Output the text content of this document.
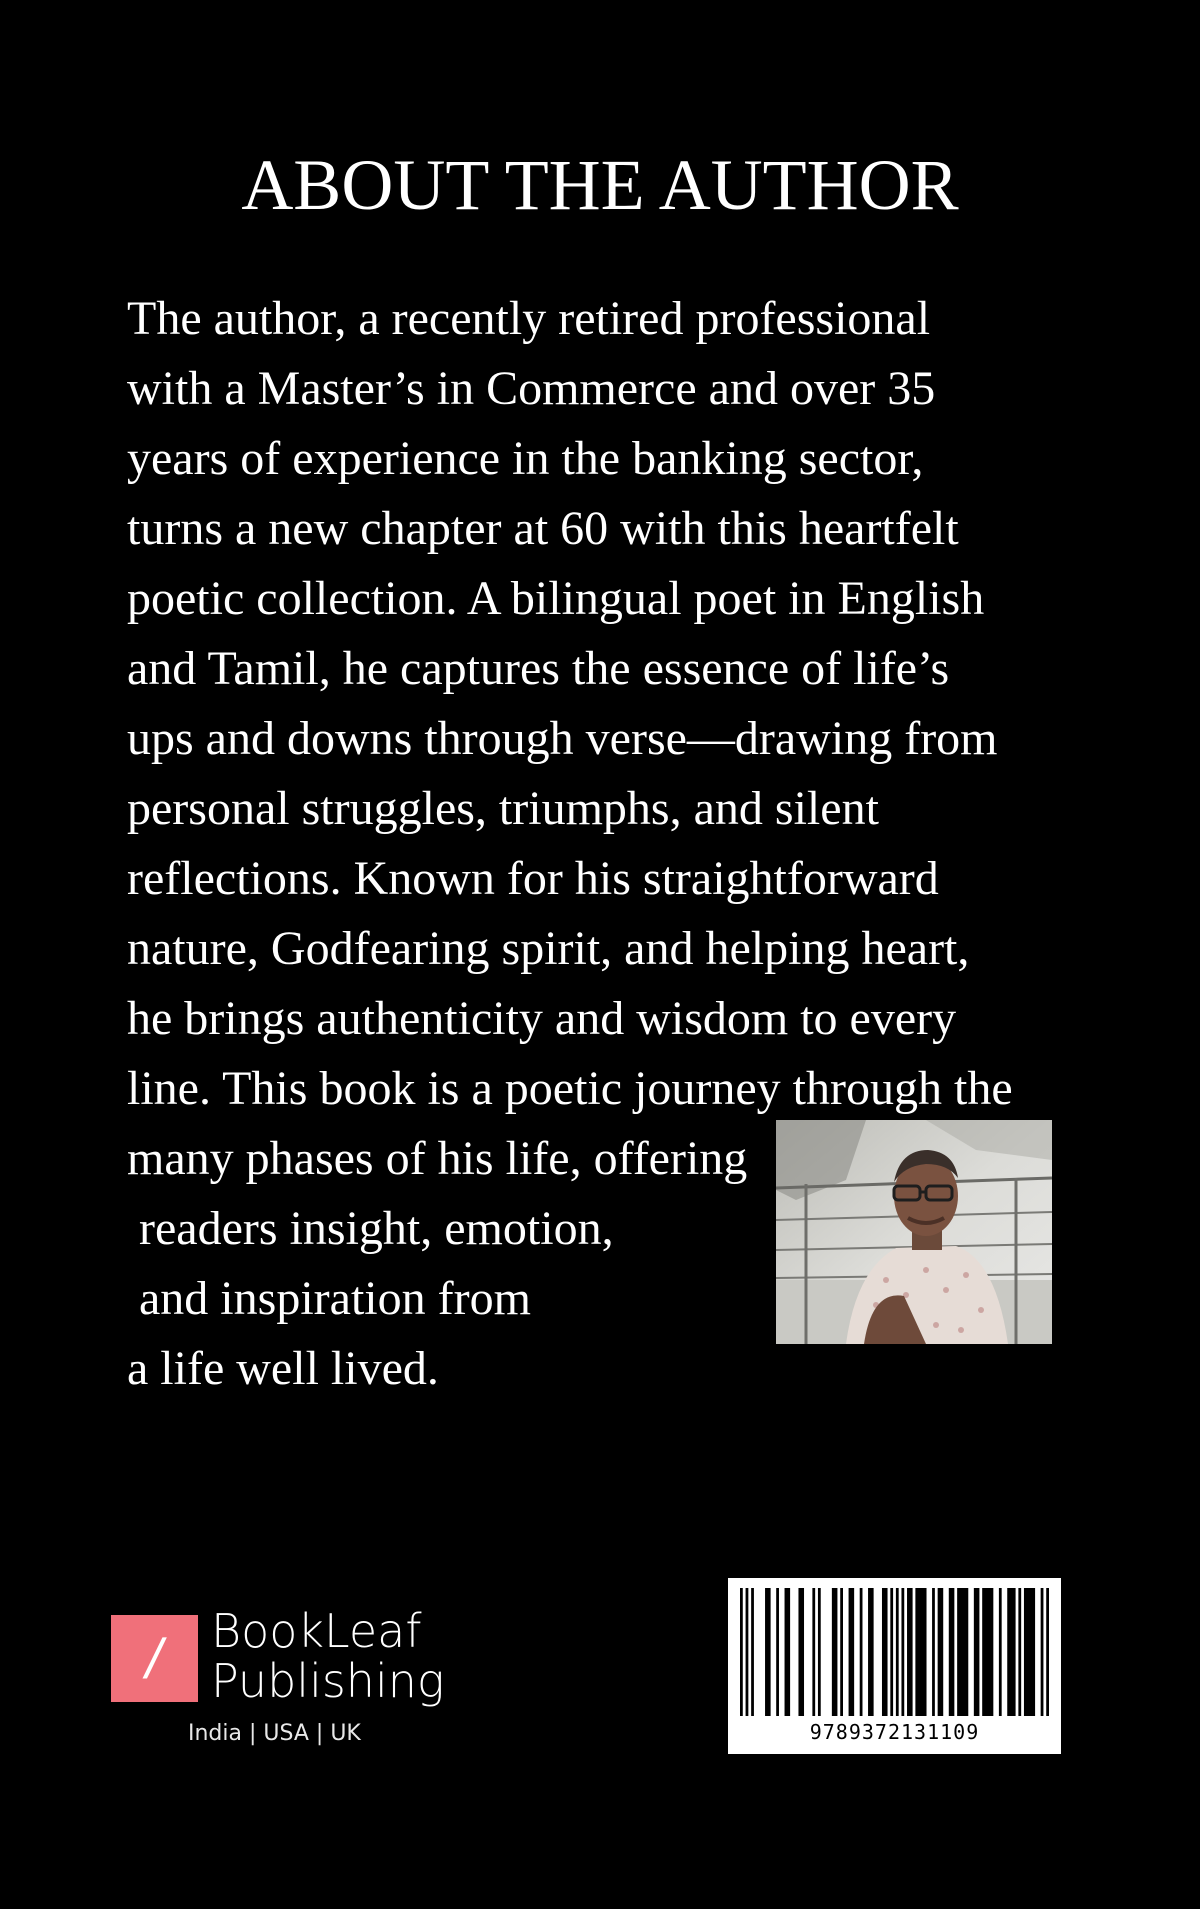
ABOUT THE AUTHOR

The author, a recently retired professional

with a Master’s in Commerce and over 35

years of experience in the banking sector,

turns a new chapter at 60 with this heartfelt

poetic collection. A bilingual poet in English

and Tamil, he captures the essence of life’s

ups and downs through verse—drawing from

personal struggles, triumphs, and silent

reflections. Known for his straightforward

nature, Godfearing spirit, and helping heart,

he brings authenticity and wisdom to every

line. This book is a poetic journey through the

many phases of his life, offering

readers insight, emotion,

and inspiration from

a life well lived.

/ BookLeaf

Publishing

India | USA | UK	9789372131109
